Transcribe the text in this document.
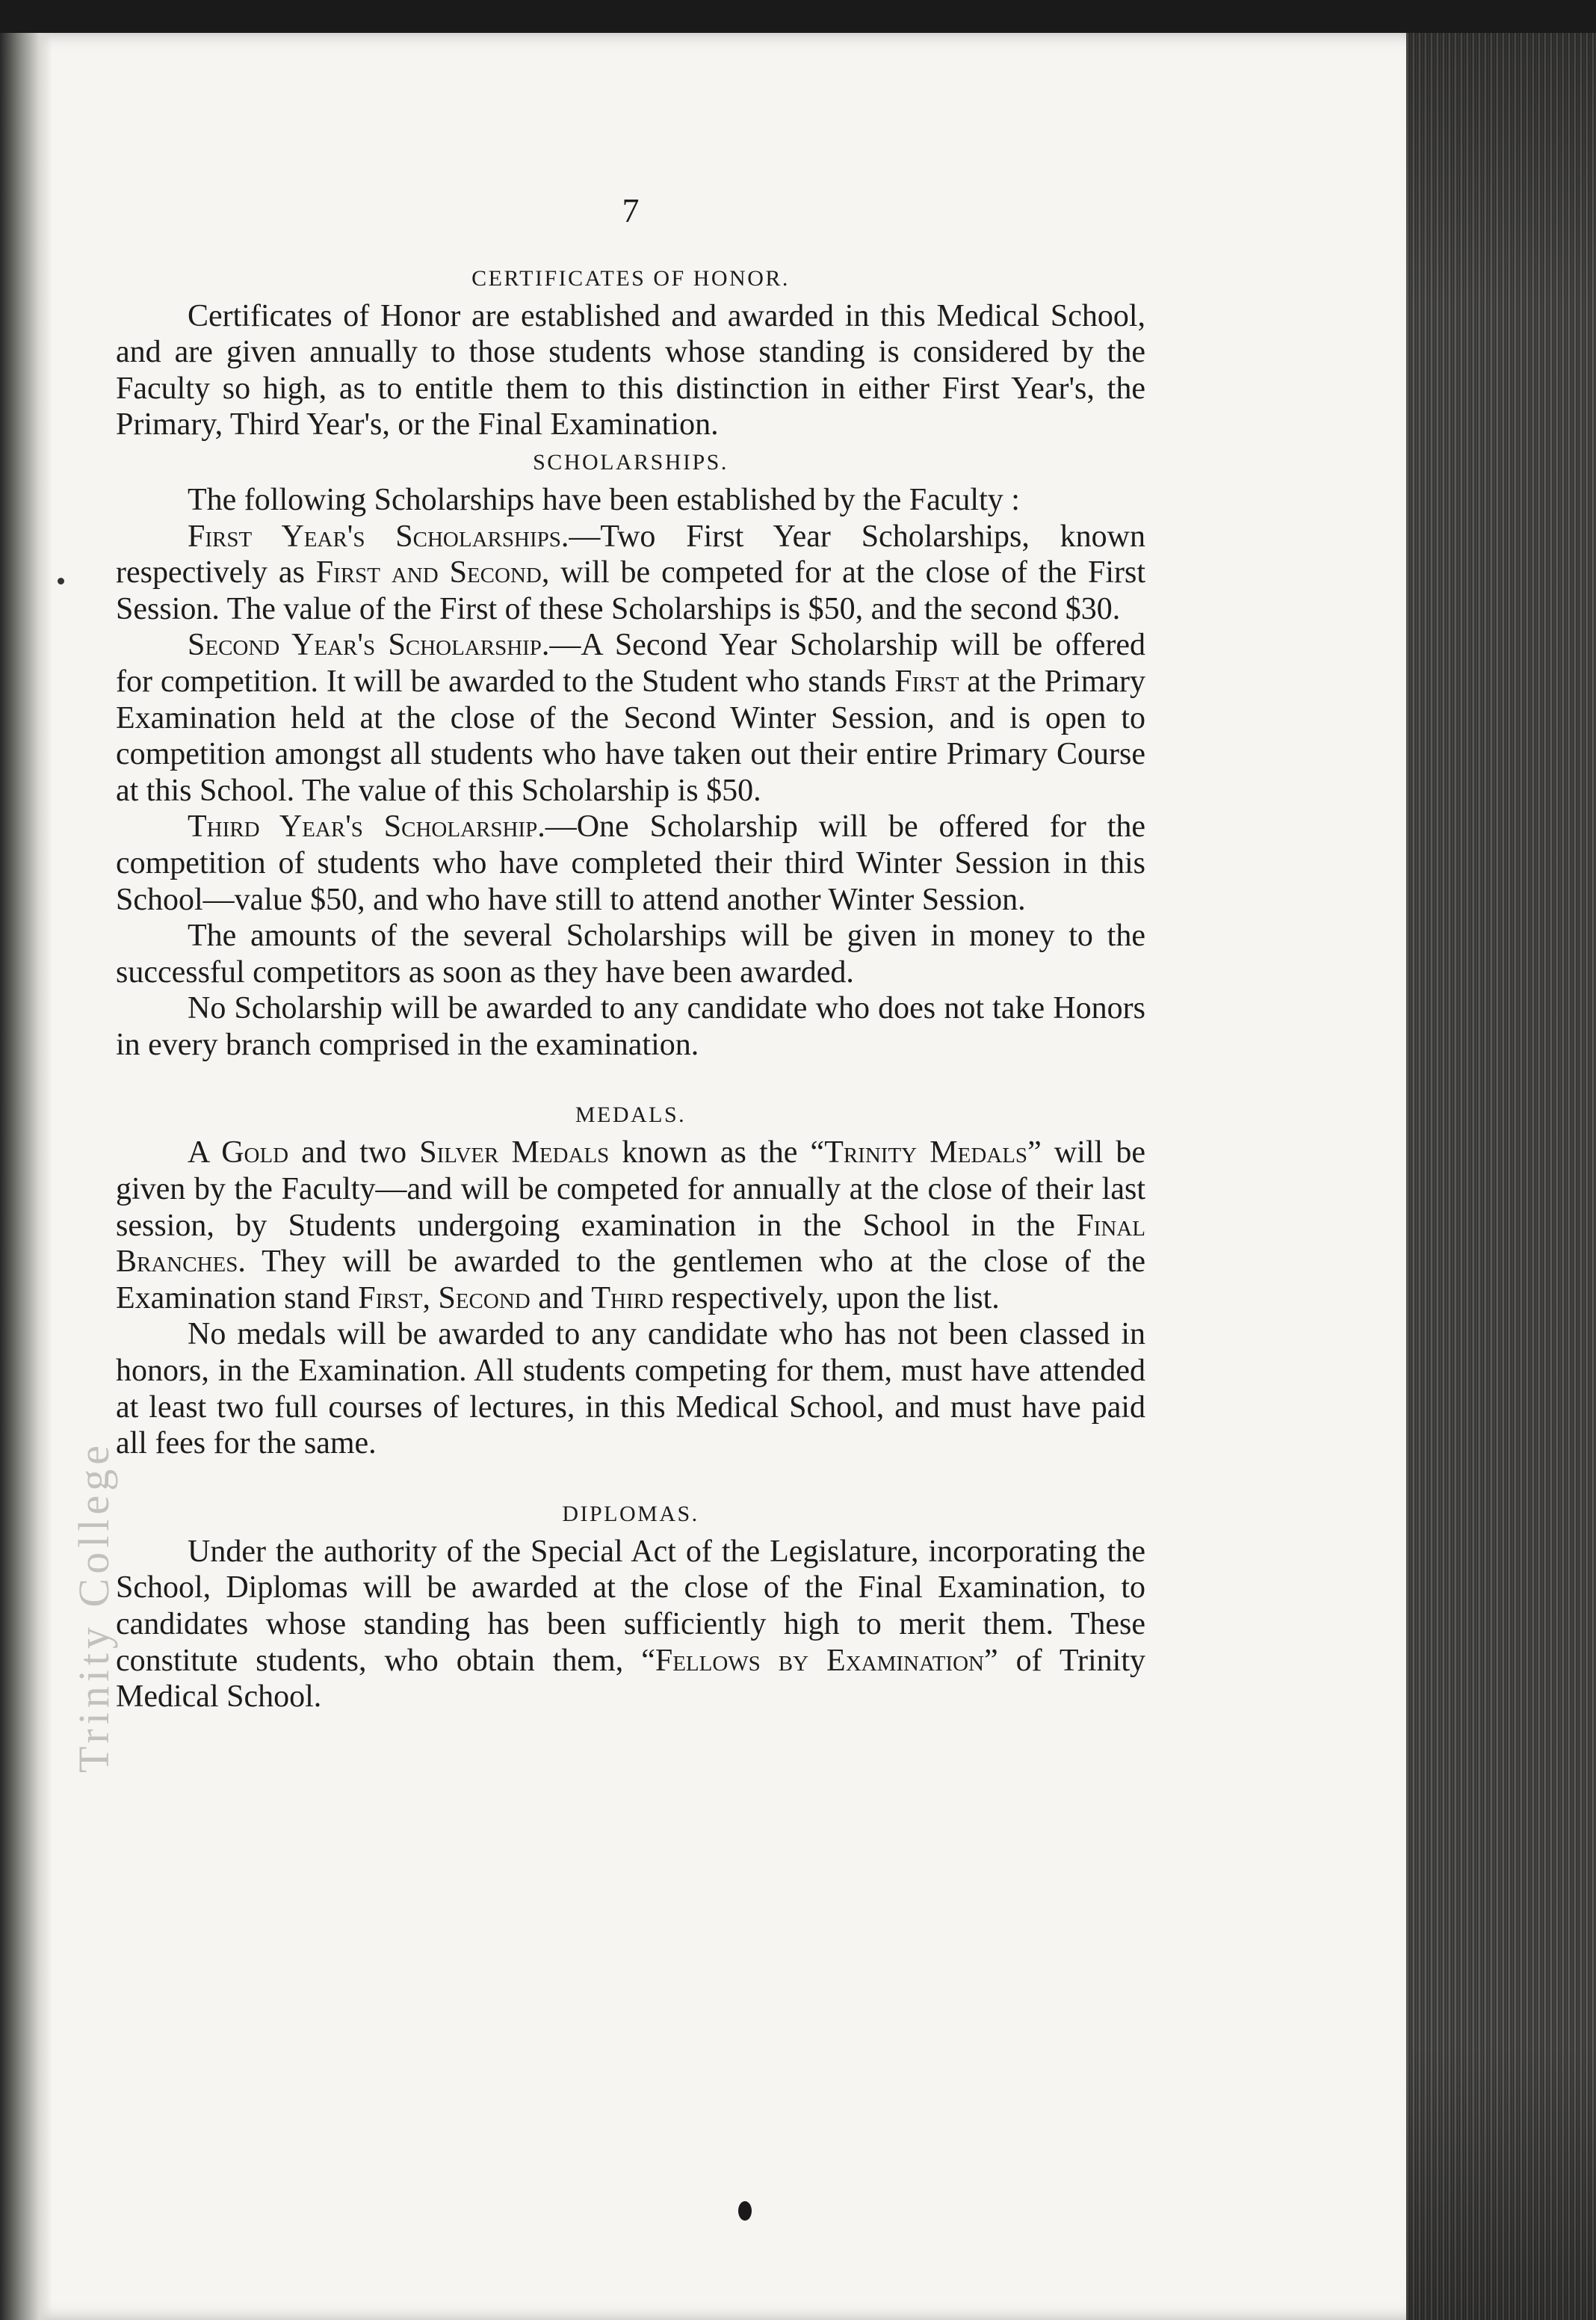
Trinity College
7

CERTIFICATES OF HONOR.

Certificates of Honor are established and awarded in this Medical School, and are given annually to those students whose standing is considered by the Faculty so high, as to entitle them to this distinction in either First Year's, the Primary, Third Year's, or the Final Examination.

SCHOLARSHIPS.

The following Scholarships have been established by the Faculty :

First Year's Scholarships.—Two First Year Scholarships, known respectively as First and Second, will be competed for at the close of the First Session. The value of the First of these Scholarships is $50, and the second $30.

Second Year's Scholarship.—A Second Year Scholarship will be offered for competition. It will be awarded to the Student who stands First at the Primary Examination held at the close of the Second Winter Session, and is open to competition amongst all students who have taken out their entire Primary Course at this School. The value of this Scholarship is $50.

Third Year's Scholarship.—One Scholarship will be offered for the competition of students who have completed their third Winter Session in this School—value $50, and who have still to attend another Winter Session.

The amounts of the several Scholarships will be given in money to the successful competitors as soon as they have been awarded.

No Scholarship will be awarded to any candidate who does not take Honors in every branch comprised in the examination.

MEDALS.

A Gold and two Silver Medals known as the “Trinity Medals” will be given by the Faculty—and will be competed for annually at the close of their last session, by Students undergoing examination in the School in the Final Branches. They will be awarded to the gentlemen who at the close of the Examination stand First, Second and Third respectively, upon the list.

No medals will be awarded to any candidate who has not been classed in honors, in the Examination. All students competing for them, must have attended at least two full courses of lectures, in this Medical School, and must have paid all fees for the same.

DIPLOMAS.

Under the authority of the Special Act of the Legislature, incorporating the School, Diplomas will be awarded at the close of the Final Examination, to candidates whose standing has been sufficiently high to merit them. These constitute students, who obtain them, “Fellows by Examination” of Trinity Medical School.
